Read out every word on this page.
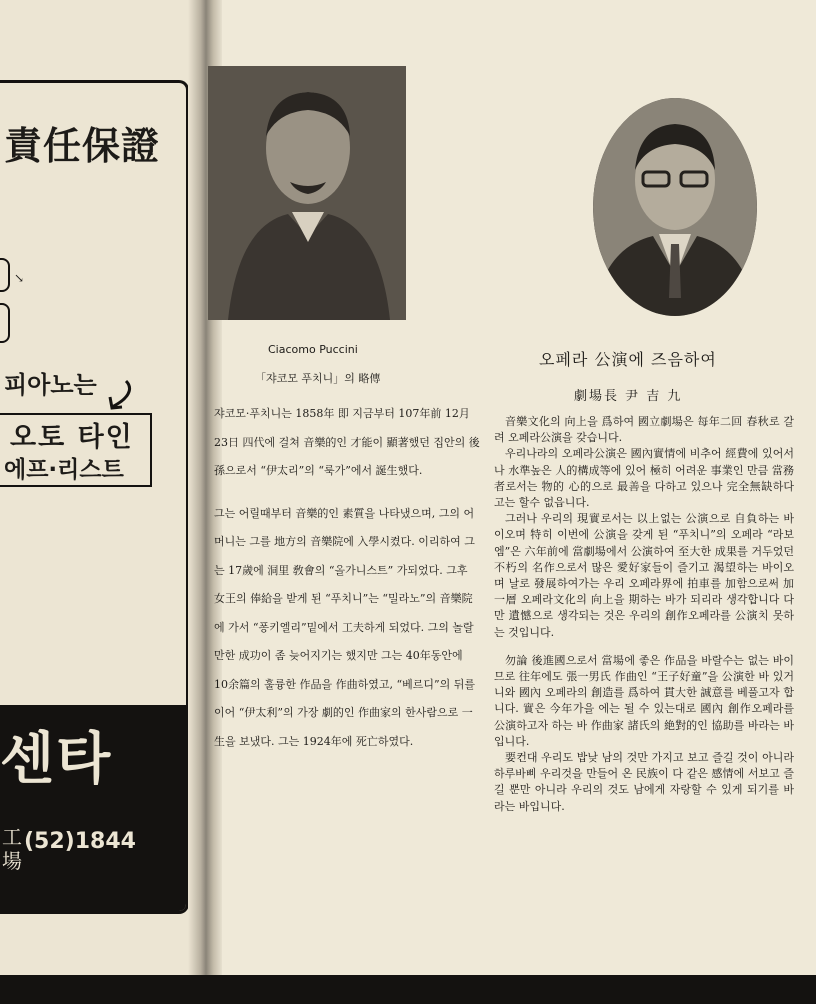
責任保證
↘
피아노는
오토 타인
에프·리스트
센타
工
場
(52)1844
Ciacomo Puccini
「쟈코모 푸치니」의 略傳

쟈코모·푸치니는 1858年 即 지금부터 107年前 12月 23日 四代에 걸쳐 音樂的인 才能이 顯著했던 집안의 後孫으로서 “伊太리”의 “룩가”에서 誕生했다.

그는 어릴때부터 音樂的인 素質을 나타냈으며, 그의 어머니는 그를 地方의 音樂院에 入學시켰다. 이리하여 그는 17歲에 洞里 敎會의 “올가니스트” 가되었다. 그후 女王의 俸給을 받게 된 “푸치니”는 “밀라노”의 音樂院에 가서 “퐁키엘리”밑에서 工夫하게 되었다. 그의 놀랄만한 成功이 좀 늦어지기는 했지만 그는 40年동안에 10余篇의 훌륭한 作品을 作曲하였고, “베르디”의 뒤를이어 “伊太利”의 가장 劇的인 作曲家의 한사람으로 一生을 보냈다. 그는 1924年에 死亡하였다.

오페라 公演에 즈음하여
劇場長 尹 吉 九

音樂文化의 向上을 爲하여 國立劇場은 每年二回 春秋로 갈려 오페라公演을 갖습니다.

우리나라의 오페라公演은 國內實情에 비추어 經費에 있어서나 水準높은 人的構成等에 있어 極히 어려운 事業인 만큼 當務者로서는 物的 心的으로 最善을 다하고 있으나 完全無缺하다고는 할수 없읍니다.

그러나 우리의 現實로서는 以上없는 公演으로 自負하는 바이오며 特히 이번에 公演을 갖게 된 “푸치니”의 오페라 “라보엠”은 六年前에 當劇場에서 公演하여 至大한 成果를 거두었던 不朽의 名作으로서 많은 愛好家들이 즐기고 渴望하는 바이오며 날로 發展하여가는 우리 오페라界에 拍車를 加함으로써 加一層 오페라文化의 向上을 期하는 바가 되리라 생각합니다 다만 遺憾으로 생각되는 것은 우리의 創作오페라를 公演치 못하는 것입니다.

勿論 後進國으로서 當場에 좋은 作品을 바랄수는 없는 바이므로 往年에도 張一男氏 作曲인 “王子好童”을 公演한 바 있거니와 國內 오페라의 創造를 爲하여 貫大한 誠意를 베풀고자 합니다. 實은 今年가을 에는 될 수 있는대로 國內 創作오페라를 公演하고자 하는 바 作曲家 諸氏의 絶對的인 協助를 바라는 바입니다.

要컨대 우리도 밥낮 남의 것만 가지고 보고 즐길 것이 아니라 하루바삐 우리것을 만들어 온 民族이 다 같은 感情에 서보고 즐길 뿐만 아니라 우리의 것도 남에게 자랑할 수 있게 되기를 바라는 바입니다.
